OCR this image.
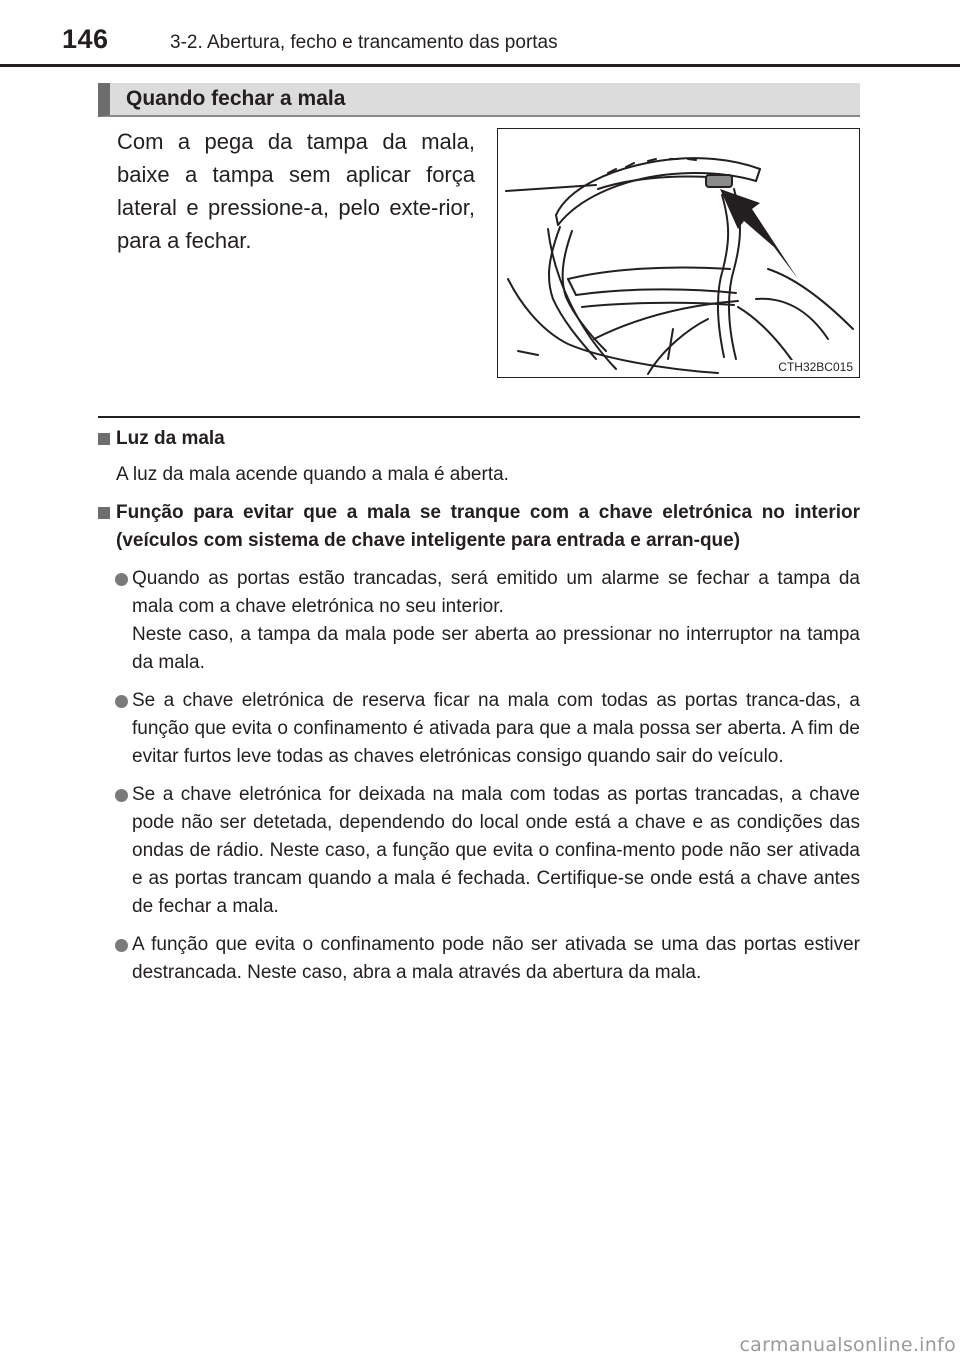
146	3-2. Abertura, fecho e trancamento das portas
Quando fechar a mala
Com a pega da tampa da mala, baixe a tampa sem aplicar força lateral e pressione-a, pelo exte-rior, para a fechar.
CTH32BC015
Luz da mala
A luz da mala acende quando a mala é aberta.
Função para evitar que a mala se tranque com a chave eletrónica no interior (veículos com sistema de chave inteligente para entrada e arran-que)
Quando as portas estão trancadas, será emitido um alarme se fechar a tampa da mala com a chave eletrónica no seu interior.
Neste caso, a tampa da mala pode ser aberta ao pressionar no interruptor na tampa da mala.
Se a chave eletrónica de reserva ficar na mala com todas as portas tranca-das, a função que evita o confinamento é ativada para que a mala possa ser aberta. A fim de evitar furtos leve todas as chaves eletrónicas consigo quando sair do veículo.
Se a chave eletrónica for deixada na mala com todas as portas trancadas, a chave pode não ser detetada, dependendo do local onde está a chave e as condições das ondas de rádio. Neste caso, a função que evita o confina-mento pode não ser ativada e as portas trancam quando a mala é fechada. Certifique-se onde está a chave antes de fechar a mala.
A função que evita o confinamento pode não ser ativada se uma das portas estiver destrancada. Neste caso, abra a mala através da abertura da mala.
carmanualsonline.info
